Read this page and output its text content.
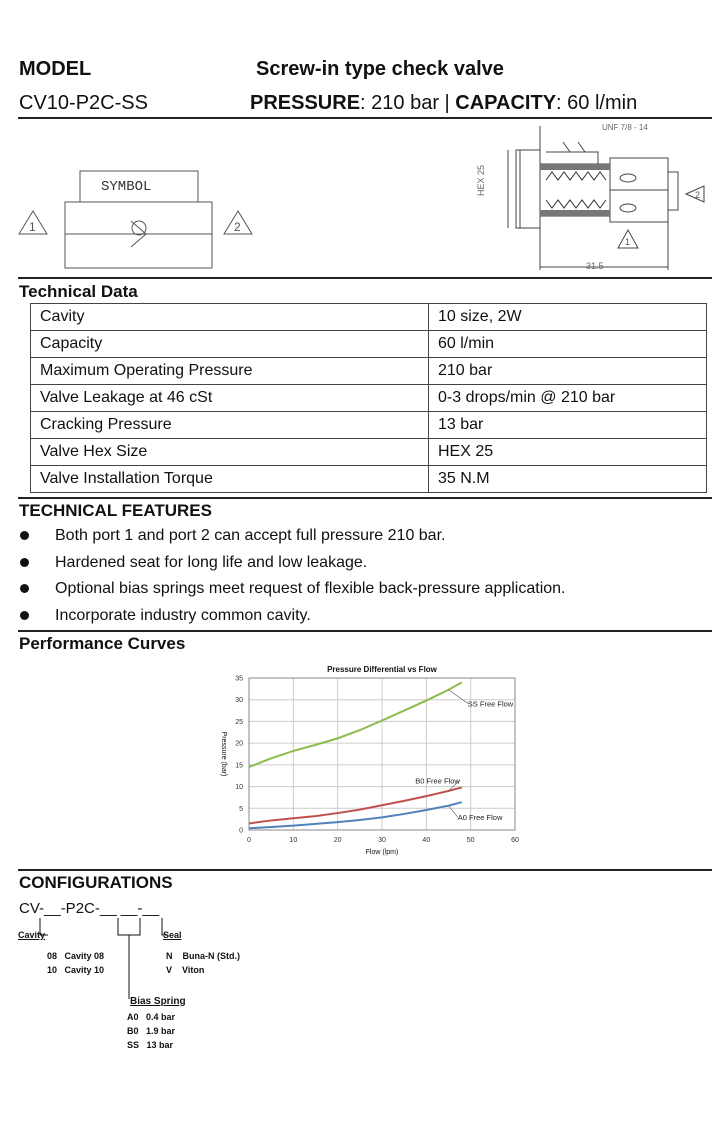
MODEL
CV10-P2C-SS
Screw-in type check valve
PRESSURE: 210 bar | CAPACITY: 60 l/min
SYMBOL
1	2
UNF 7/8 - 14
31.5
HEX 25
1
2
Technical Data
Cavity	10 size, 2W
Capacity	60 l/min
Maximum Operating Pressure	210 bar
Valve Leakage at 46 cSt	0-3 drops/min @ 210 bar
Cracking Pressure	13 bar
Valve Hex Size	HEX 25
Valve Installation Torque	35 N.M
TECHNICAL FEATURES
Both port 1 and port 2 can accept full pressure 210 bar.
Hardened seat for long life and low leakage.
Optional bias springs meet request of flexible back-pressure application.
Incorporate industry common cavity.
Performance Curves
0	10	20	30	40	50	60
0
5
10
15
20
25
30
35
Pressure Differential vs Flow
Flow (lpm)
Pressure (bar)
SS Free Flow
B0 Free Flow
A0 Free Flow
CONFIGURATIONS
CV-__-P2C-__ __-__
Cavity
08 Cavity 08
10 Cavity 10
Seal
N Buna-N (Std.)
V Viton
Bias Spring
A0 0.4 bar
B0 1.9 bar
SS 13 bar
